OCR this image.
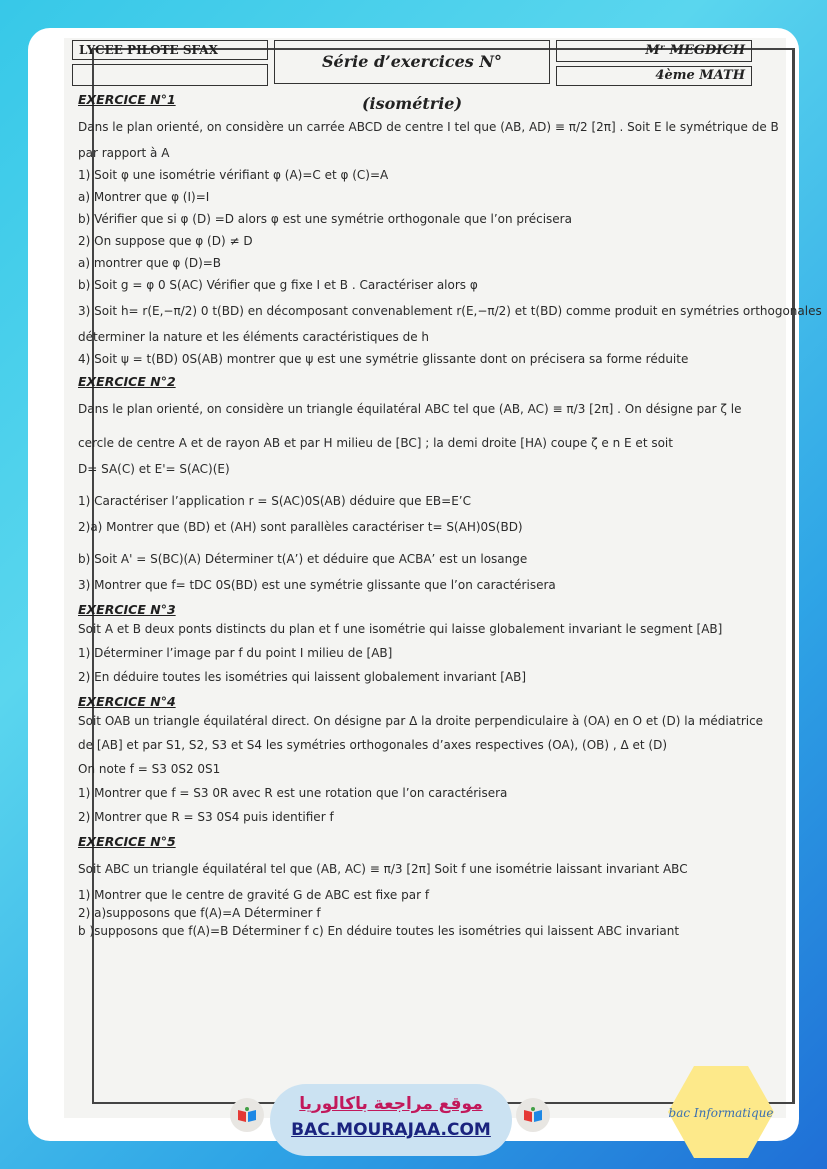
LYCEE PILOTE SFAX
Série d’exercices N° (isométrie)
Mʳ MEGDICH
4ème MATH

EXERCICE N°1

Dans le plan orienté, on considère un carrée ABCD de centre I tel que (AB, AD) ≡ π/2 [2π] . Soit E le symétrique de B

par rapport à A

1) Soit φ une isométrie vérifiant φ (A)=C et φ (C)=A

a) Montrer que φ (I)=I

b) Vérifier que si φ (D) =D alors φ est une symétrie orthogonale que l’on précisera

2) On suppose que φ (D) ≠ D

a) montrer que φ (D)=B

b) Soit g = φ 0 S(AC) Vérifier que g fixe I et B . Caractériser alors φ

3) Soit h= r(E,−π/2) 0 t(BD) en décomposant convenablement r(E,−π/2) et t(BD) comme produit en symétries orthogonales

déterminer la nature et les éléments caractéristiques de h

4) Soit ψ = t(BD) 0S(AB) montrer que ψ est une symétrie glissante dont on précisera sa forme réduite

EXERCICE N°2

Dans le plan orienté, on considère un triangle équilatéral ABC tel que (AB, AC) ≡ π/3 [2π] . On désigne par ζ le

cercle de centre A et de rayon AB et par H milieu de [BC] ; la demi droite [HA) coupe ζ e n E et soit

D= SA(C) et E'= S(AC)(E)

1) Caractériser l’application r = S(AC)0S(AB) déduire que EB=E’C

2)a) Montrer que (BD) et (AH) sont parallèles caractériser t= S(AH)0S(BD)

b) Soit A' = S(BC)(A) Déterminer t(A’) et déduire que ACBA’ est un losange

3) Montrer que f= tDC 0S(BD) est une symétrie glissante que l’on caractérisera

EXERCICE N°3

Soit A et B deux ponts distincts du plan et f une isométrie qui laisse globalement invariant le segment [AB]

1) Déterminer l’image par f du point I milieu de [AB]

2) En déduire toutes les isométries qui laissent globalement invariant [AB]

EXERCICE N°4

Soit OAB un triangle équilatéral direct. On désigne par Δ la droite perpendiculaire à (OA) en O et (D) la médiatrice

de [AB] et par S1, S2, S3 et S4 les symétries orthogonales d’axes respectives (OA), (OB) , Δ et (D)

On note f = S3 0S2 0S1

1) Montrer que f = S3 0R avec R est une rotation que l’on caractérisera

2) Montrer que R = S3 0S4 puis identifier f

EXERCICE N°5

Soit ABC un triangle équilatéral tel que (AB, AC) ≡ π/3 [2π] Soit f une isométrie laissant invariant ABC

1) Montrer que le centre de gravité G de ABC est fixe par f

2) a)supposons que f(A)=A Déterminer f

b )supposons que f(A)=B Déterminer f c) En déduire toutes les isométries qui laissent ABC invariant

موقع مراجعة باكالوريا
BAC.MOURAJAA.COM
bac Informatique
